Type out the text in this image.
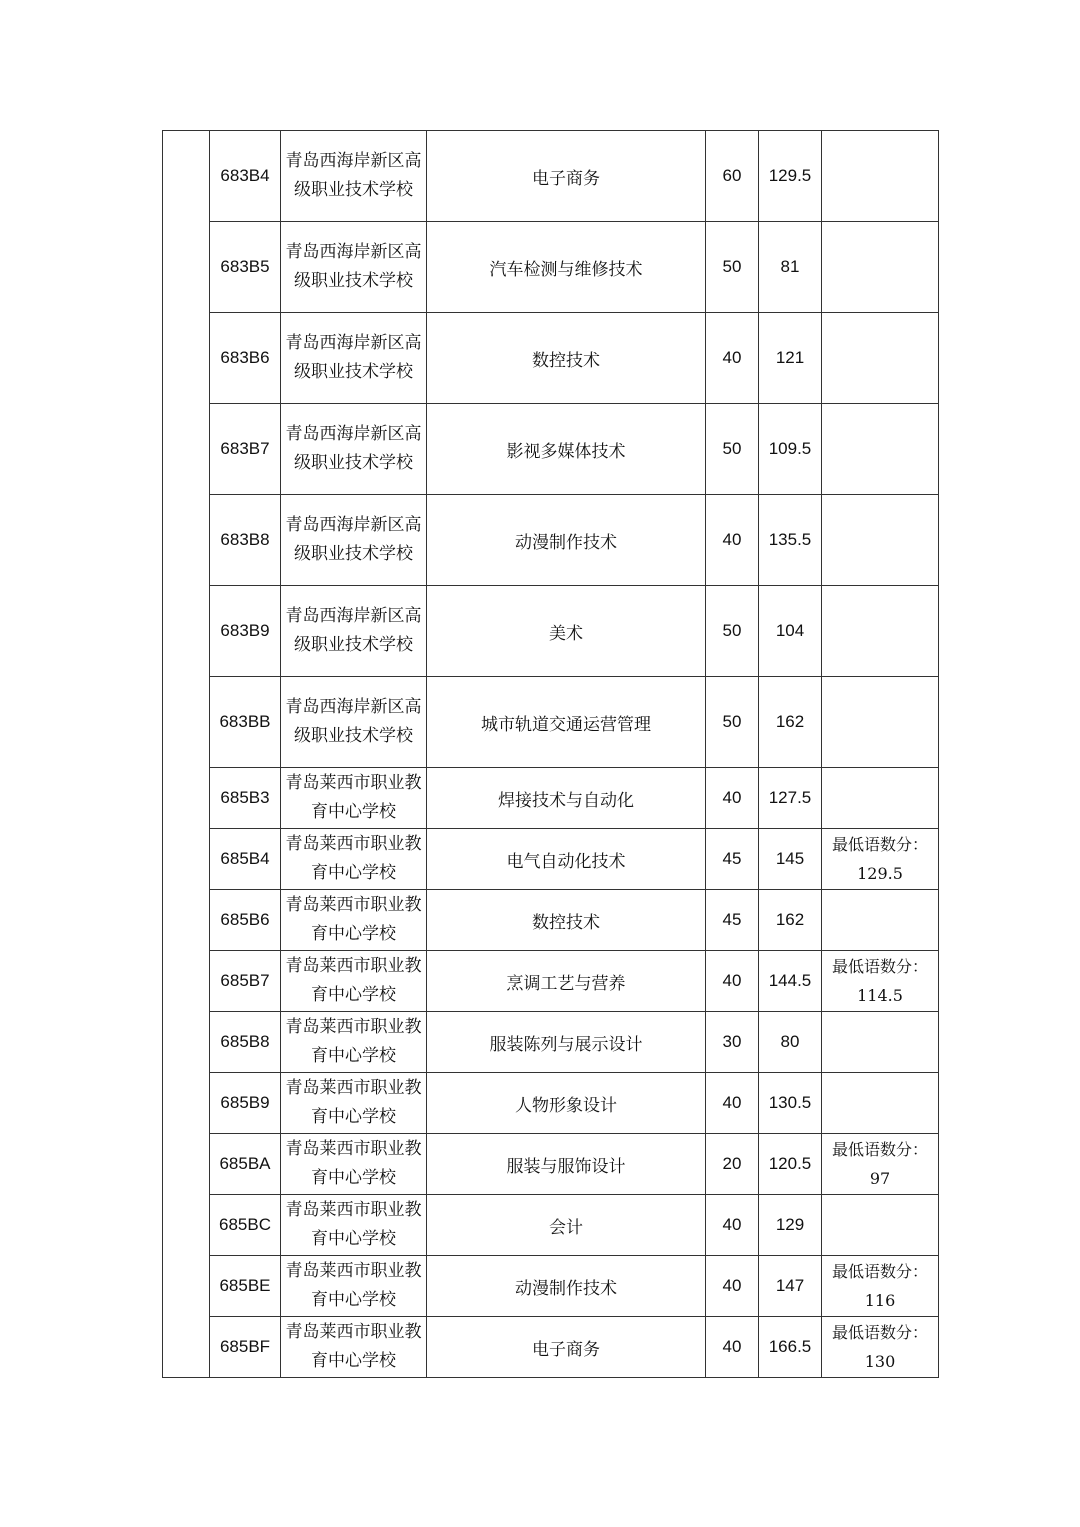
	683B4	青岛西海岸新区高级职业技术学校	电子商务	60	129.5	
	683B5	青岛西海岸新区高级职业技术学校	汽车检测与维修技术	50	81	
	683B6	青岛西海岸新区高级职业技术学校	数控技术	40	121	
	683B7	青岛西海岸新区高级职业技术学校	影视多媒体技术	50	109.5	
	683B8	青岛西海岸新区高级职业技术学校	动漫制作技术	40	135.5	
	683B9	青岛西海岸新区高级职业技术学校	美术	50	104	
	683BB	青岛西海岸新区高级职业技术学校	城市轨道交通运营管理	50	162	
	685B3	青岛莱西市职业教育中心学校	焊接技术与自动化	40	127.5	
	685B4	青岛莱西市职业教育中心学校	电气自动化技术	45	145	最低语数分：129.5
	685B6	青岛莱西市职业教育中心学校	数控技术	45	162	
	685B7	青岛莱西市职业教育中心学校	烹调工艺与营养	40	144.5	最低语数分：114.5
	685B8	青岛莱西市职业教育中心学校	服装陈列与展示设计	30	80	
	685B9	青岛莱西市职业教育中心学校	人物形象设计	40	130.5	
	685BA	青岛莱西市职业教育中心学校	服装与服饰设计	20	120.5	最低语数分：97
	685BC	青岛莱西市职业教育中心学校	会计	40	129	
	685BE	青岛莱西市职业教育中心学校	动漫制作技术	40	147	最低语数分：116
	685BF	青岛莱西市职业教育中心学校	电子商务	40	166.5	最低语数分：130
